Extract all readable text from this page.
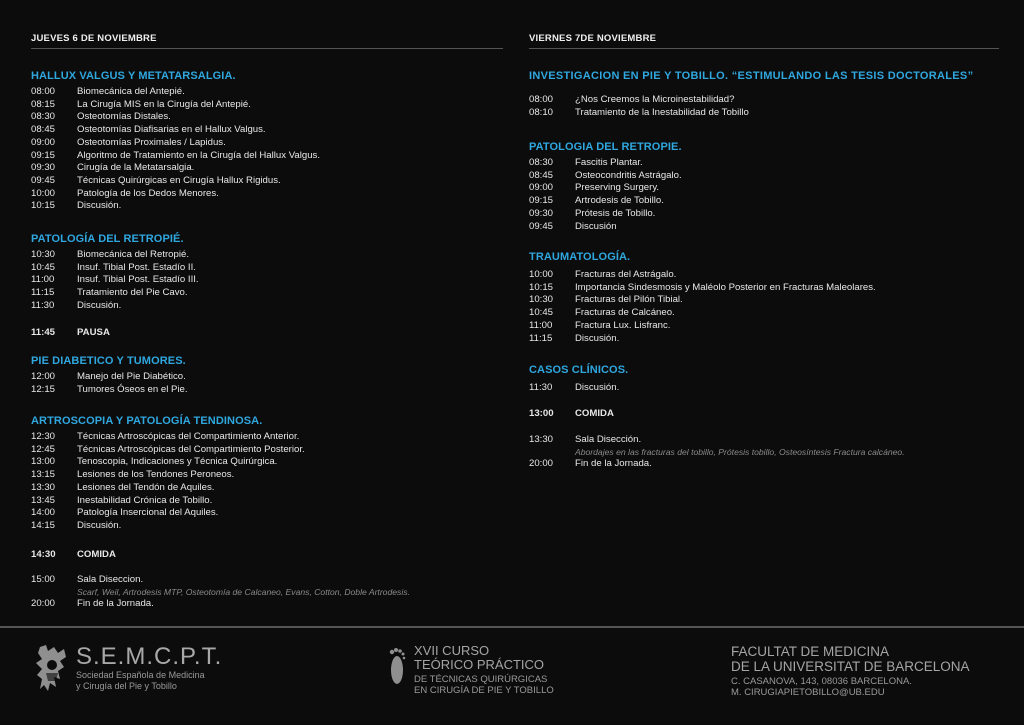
JUEVES 6 DE NOVIEMBRE
HALLUX VALGUS Y METATARSALGIA.
08:00	Biomecánica del Antepié.
08:15	La Cirugía MIS en la Cirugía del Antepié.
08:30	Osteotomías Distales.
08:45	Osteotomías Diafisarias en el Hallux Valgus.
09:00	Osteotomías Proximales / Lapidus.
09:15	Algoritmo de Tratamiento en la Cirugía del Hallux Valgus.
09:30	Cirugía de la Metatarsalgia.
09:45	Técnicas Quirúrgicas en Cirugía Hallux Rigidus.
10:00	Patología de los Dedos Menores.
10:15	Discusión.
PATOLOGÍA DEL RETROPIÉ.
10:30	Biomecánica del Retropié.
10:45	Insuf. Tibial Post. Estadío II.
11:00	Insuf. Tibial Post. Estadío III.
11:15	Tratamiento del Pie Cavo.
11:30	Discusión.
11:45	PAUSA
PIE DIABETICO Y TUMORES.
12:00	Manejo del Pie Diabético.
12:15	Tumores Óseos en el Pie.
ARTROSCOPIA Y PATOLOGÍA TENDINOSA.
12:30	Técnicas Artroscópicas del Compartimiento Anterior.
12:45	Técnicas Artroscópicas del Compartimiento Posterior.
13:00	Tenoscopia, Indicaciones y Técnica Quirúrgica.
13:15	Lesiones de los Tendones Peroneos.
13:30	Lesiones del Tendón de Aquiles.
13:45	Inestabilidad Crónica de Tobillo.
14:00	Patología Insercional del Aquiles.
14:15	Discusión.
14:30	COMIDA
15:00	Sala Diseccion.
Scarf, Weil, Artrodesis MTP, Osteotomía de Calcaneo, Evans, Cotton, Doble Artrodesis.
20:00	Fin de la Jornada.
VIERNES 7DE NOVIEMBRE
INVESTIGACION EN PIE Y TOBILLO. “ESTIMULANDO LAS TESIS DOCTORALES”
08:00	¿Nos Creemos la Microinestabilidad?
08:10	Tratamiento de la Inestabilidad de Tobillo
PATOLOGIA DEL RETROPIE.
08:30	Fascitis Plantar.
08:45	Osteocondritis Astrágalo.
09:00	Preserving Surgery.
09:15	Artrodesis de Tobillo.
09:30	Prótesis de Tobillo.
09:45	Discusión
TRAUMATOLOGÍA.
10:00	Fracturas del Astrágalo.
10:15	Importancia Sindesmosis y Maléolo Posterior en Fracturas Maleolares.
10:30	Fracturas del Pilón Tibial.
10:45	Fracturas de Calcáneo.
11:00	Fractura Lux. Lisfranc.
11:15	Discusión.
CASOS CLÍNICOS.
11:30	Discusión.
13:00	COMIDA
13:30	Sala Disección.
Abordajes en las fracturas del tobillo, Prótesis tobillo, Osteosíntesis Fractura calcáneo.
20:00	Fin de la Jornada.
S.E.M.C.P.T.
Sociedad Española de Medicina
y Cirugía del Pie y Tobillo
XVII CURSO
TEÓRICO PRÁCTICO
DE TÉCNICAS QUIRÚRGICAS
EN CIRUGÍA DE PIE Y TOBILLO
FACULTAT DE MEDICINA
DE LA UNIVERSITAT DE BARCELONA
C. CASANOVA, 143, 08036 BARCELONA.
M. CIRUGIAPIETOBILLO@UB.EDU
